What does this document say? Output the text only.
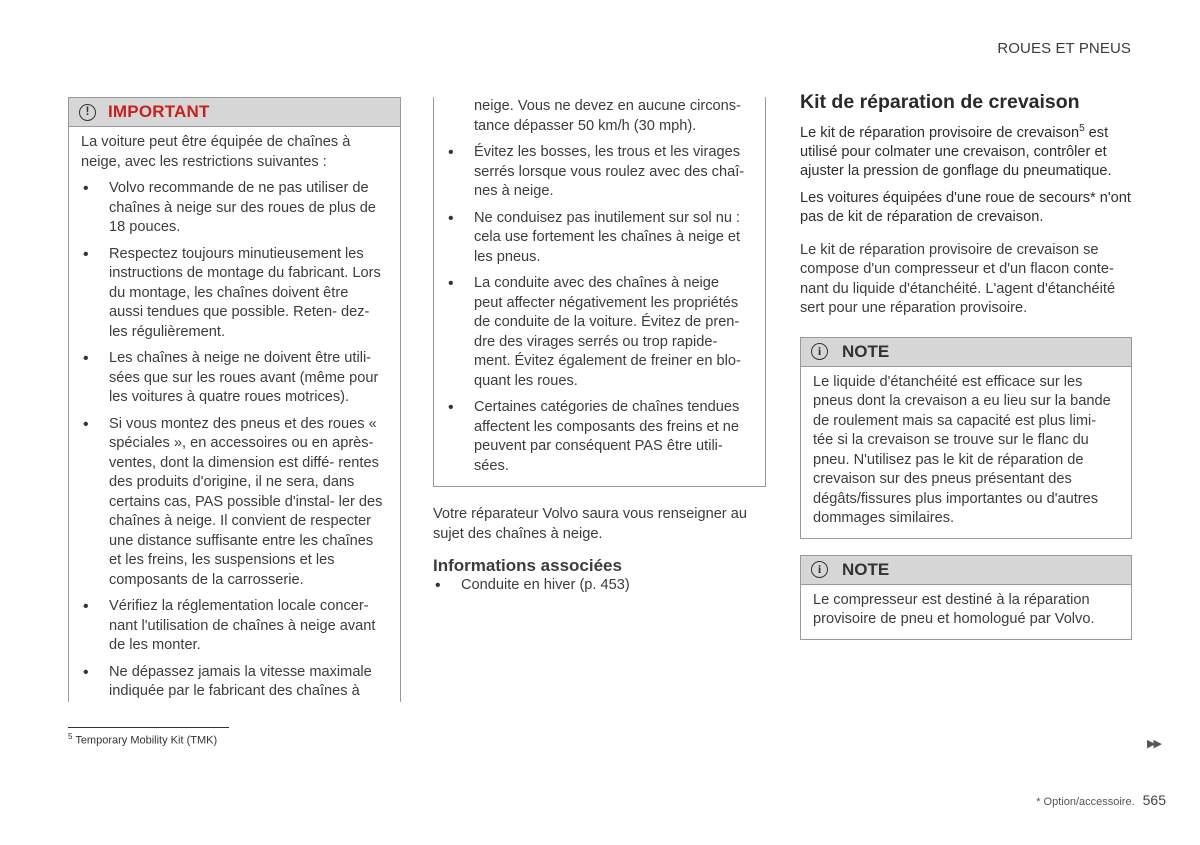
ROUES ET PNEUS
!	IMPORTANT

La voiture peut être équipée de chaînes à neige, avec les restrictions suivantes :

• Volvo recommande de ne pas utiliser de chaînes à neige sur des roues de plus de 18 pouces.
• Respectez toujours minutieusement les instructions de montage du fabricant. Lors du montage, les chaînes doivent être aussi tendues que possible. Reten- dez-les régulièrement.
• Les chaînes à neige ne doivent être utili- sées que sur les roues avant (même pour les voitures à quatre roues motrices).
• Si vous montez des pneus et des roues « spéciales », en accessoires ou en après-ventes, dont la dimension est diffé- rentes des produits d'origine, il ne sera, dans certains cas, PAS possible d'instal- ler des chaînes à neige. Il convient de respecter une distance suffisante entre les chaînes et les freins, les suspensions et les composants de la carrosserie.
• Vérifiez la réglementation locale concer- nant l'utilisation de chaînes à neige avant de les monter.
• Ne dépassez jamais la vitesse maximale indiquée par le fabricant des chaînes à
neige. Vous ne devez en aucune circons- tance dépasser 50 km/h (30 mph).
• Évitez les bosses, les trous et les virages serrés lorsque vous roulez avec des chaî- nes à neige.
• Ne conduisez pas inutilement sur sol nu : cela use fortement les chaînes à neige et les pneus.
• La conduite avec des chaînes à neige peut affecter négativement les propriétés de conduite de la voiture. Évitez de pren- dre des virages serrés ou trop rapide- ment. Évitez également de freiner en blo- quant les roues.
• Certaines catégories de chaînes tendues affectent les composants des freins et ne peuvent par conséquent PAS être utili- sées.

Votre réparateur Volvo saura vous renseigner au sujet des chaînes à neige.

Informations associées
• Conduite en hiver (p. 453)
Kit de réparation de crevaison

Le kit de réparation provisoire de crevaison$^5$ est utilisé pour colmater une crevaison, contrôler et ajuster la pression de gonflage du pneumatique.

Les voitures équipées d'une roue de secours* n'ont pas de kit de réparation de crevaison.

Le kit de réparation provisoire de crevaison se compose d'un compresseur et d'un flacon conte- nant du liquide d'étanchéité. L'agent d'étanchéité sert pour une réparation provisoire.

i	NOTE
Le liquide d'étanchéité est efficace sur les pneus dont la crevaison a eu lieu sur la bande de roulement mais sa capacité est plus limi- tée si la crevaison se trouve sur le flanc du pneu. N'utilisez pas le kit de réparation de crevaison sur des pneus présentant des dégâts/fissures plus importantes ou d'autres dommages similaires.
i	NOTE
Le compresseur est destiné à la réparation provisoire de pneu et homologué par Volvo.
$^5$ Temporary Mobility Kit (TMK)	▶▶
* Option/accessoire. 565
